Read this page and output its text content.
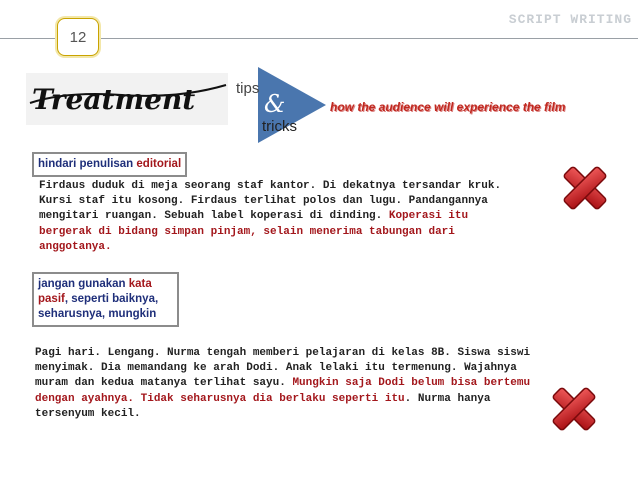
SCRIPT WRITING
12
Treatment	tips
&
tricks
how the audience will experience the film
hindari penulisan editorial
Firdaus duduk di meja seorang staf kantor. Di dekatnya tersandar kruk.
Kursi staf itu kosong. Firdaus terlihat polos dan lugu. Pandangannya
mengitari ruangan. Sebuah label koperasi di dinding. Koperasi itu
bergerak di bidang simpan pinjam, selain menerima tabungan dari
anggotanya.
jangan gunakan kata
pasif, seperti baiknya,
seharusnya, mungkin
Pagi hari. Lengang. Nurma tengah memberi pelajaran di kelas 8B. Siswa siswi
menyimak. Dia memandang ke arah Dodi. Anak lelaki itu termenung. Wajahnya
muram dan kedua matanya terlihat sayu. Mungkin saja Dodi belum bisa bertemu
dengan ayahnya. Tidak seharusnya dia berlaku seperti itu. Nurma hanya
tersenyum kecil.
